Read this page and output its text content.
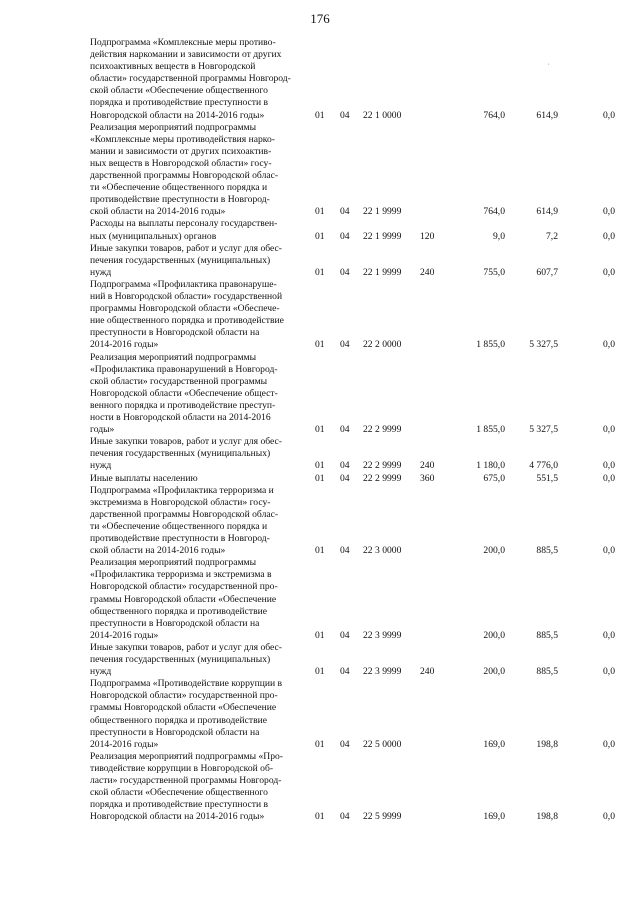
176
,
Подпрограмма «Комплексные меры противо-
действия наркомании и зависимости от других
психоактивных веществ в Новгородской
области» государственной программы Новгород-
ской области «Обеспечение общественного
порядка и противодействие преступности в
Новгородской области на 2014-2016 годы»	01 04 22 1 0000	764,0	614,9	0,0
Реализация мероприятий подпрограммы
«Комплексные меры противодействия нарко-
мании и зависимости от других психоактив-
ных веществ в Новгородской области» госу-
дарственной программы Новгородской облас-
ти «Обеспечение общественного порядка и
противодействие преступности в Новгород-
ской области на 2014-2016 годы»	01 04 22 1 9999	764,0	614,9	0,0
Расходы на выплаты персоналу государствен-
ных (муниципальных) органов	01 04 22 1 9999 120	9,0	7,2	0,0
Иные закупки товаров, работ и услуг для обес-
печения государственных (муниципальных)
нужд	01 04 22 1 9999 240	755,0	607,7	0,0
Подпрограмма «Профилактика правонаруше-
ний в Новгородской области» государственной
программы Новгородской области «Обеспече-
ние общественного порядка и противодействие
преступности в Новгородской области на
2014-2016 годы»	01 04 22 2 0000	1 855,0	5 327,5	0,0
Реализация мероприятий подпрограммы
«Профилактика правонарушений в Новгород-
ской области» государственной программы
Новгородской области «Обеспечение общест-
венного порядка и противодействие преступ-
ности в Новгородской области на 2014-2016
годы»	01 04 22 2 9999	1 855,0	5 327,5	0,0
Иные закупки товаров, работ и услуг для обес-
печения государственных (муниципальных)
нужд	01 04 22 2 9999 240	1 180,0	4 776,0	0,0
Иные выплаты населению	01 04 22 2 9999 360	675,0	551,5	0,0
Подпрограмма «Профилактика терроризма и
экстремизма в Новгородской области» госу-
дарственной программы Новгородской облас-
ти «Обеспечение общественного порядка и
противодействие преступности в Новгород-
ской области на 2014-2016 годы»	01 04 22 3 0000	200,0	885,5	0,0
Реализация мероприятий подпрограммы
«Профилактика терроризма и экстремизма в
Новгородской области» государственной про-
граммы Новгородской области «Обеспечение
общественного порядка и противодействие
преступности в Новгородской области на
2014-2016 годы»	01 04 22 3 9999	200,0	885,5	0,0
Иные закупки товаров, работ и услуг для обес-
печения государственных (муниципальных)
нужд	01 04 22 3 9999 240	200,0	885,5	0,0
Подпрограмма «Противодействие коррупции в
Новгородской области» государственной про-
граммы Новгородской области «Обеспечение
общественного порядка и противодействие
преступности в Новгородской области на
2014-2016 годы»	01 04 22 5 0000	169,0	198,8	0,0
Реализация мероприятий подпрограммы «Про-
тиводействие коррупции в Новгородской об-
ласти» государственной программы Новгород-
ской области «Обеспечение общественного
порядка и противодействие преступности в
Новгородской области на 2014-2016 годы»	01 04 22 5 9999	169,0	198,8	0,0
